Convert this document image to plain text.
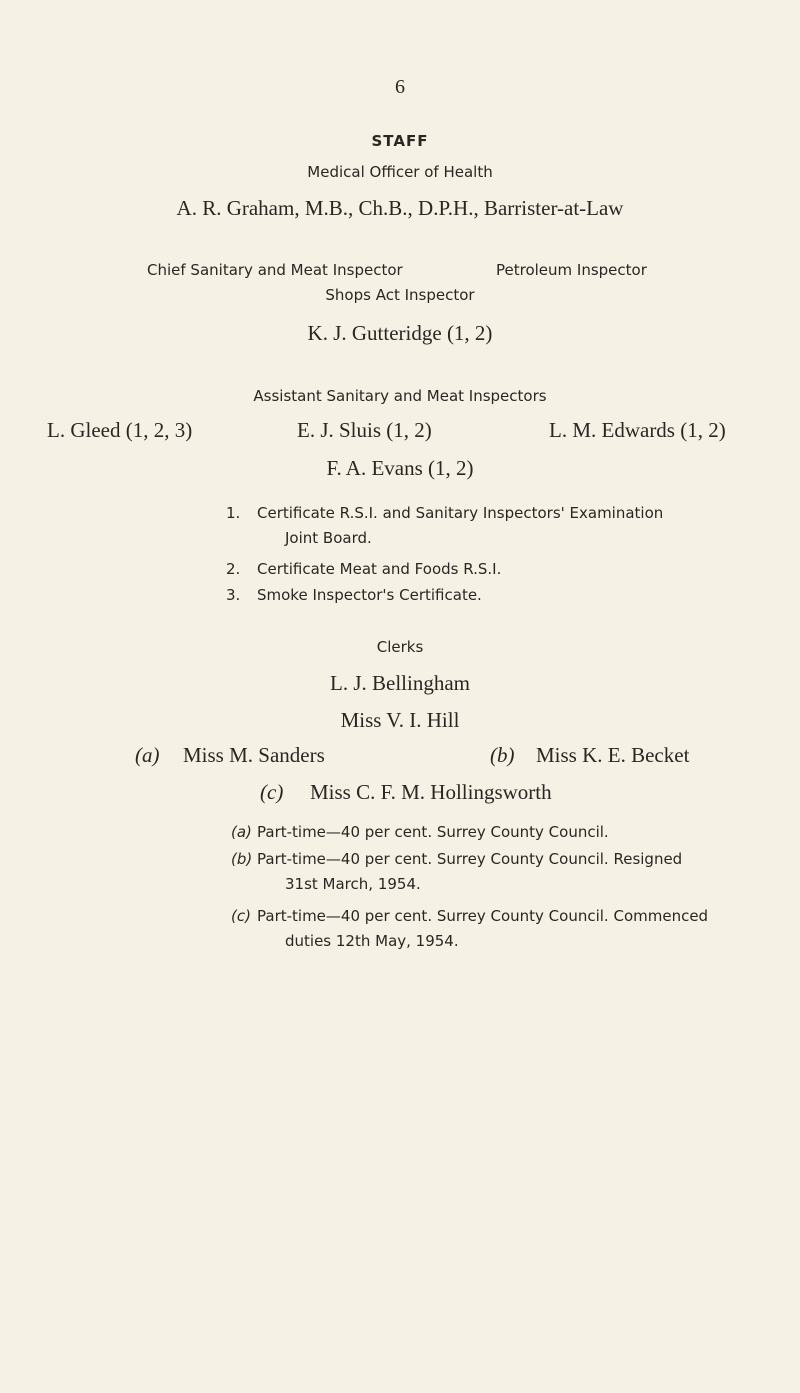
6
STAFF
Medical Officer of Health
A. R. Graham, M.B., Ch.B., D.P.H., Barrister-at-Law
Chief Sanitary and Meat Inspector	Petroleum Inspector
Shops Act Inspector
K. J. Gutteridge (1, 2)
Assistant Sanitary and Meat Inspectors
L. Gleed (1, 2, 3)	E. J. Sluis (1, 2)	L. M. Edwards (1, 2)
F. A. Evans (1, 2)
1. Certificate R.S.I. and Sanitary Inspectors' Examination
Joint Board.
2. Certificate Meat and Foods R.S.I.
3. Smoke Inspector's Certificate.
Clerks
L. J. Bellingham
Miss V. I. Hill
(a) Miss M. Sanders	(b) Miss K. E. Becket
(c) Miss C. F. M. Hollingsworth
(a) Part-time—40 per cent. Surrey County Council.
(b) Part-time—40 per cent. Surrey County Council. Resigned
31st March, 1954.
(c) Part-time—40 per cent. Surrey County Council. Commenced
duties 12th May, 1954.
